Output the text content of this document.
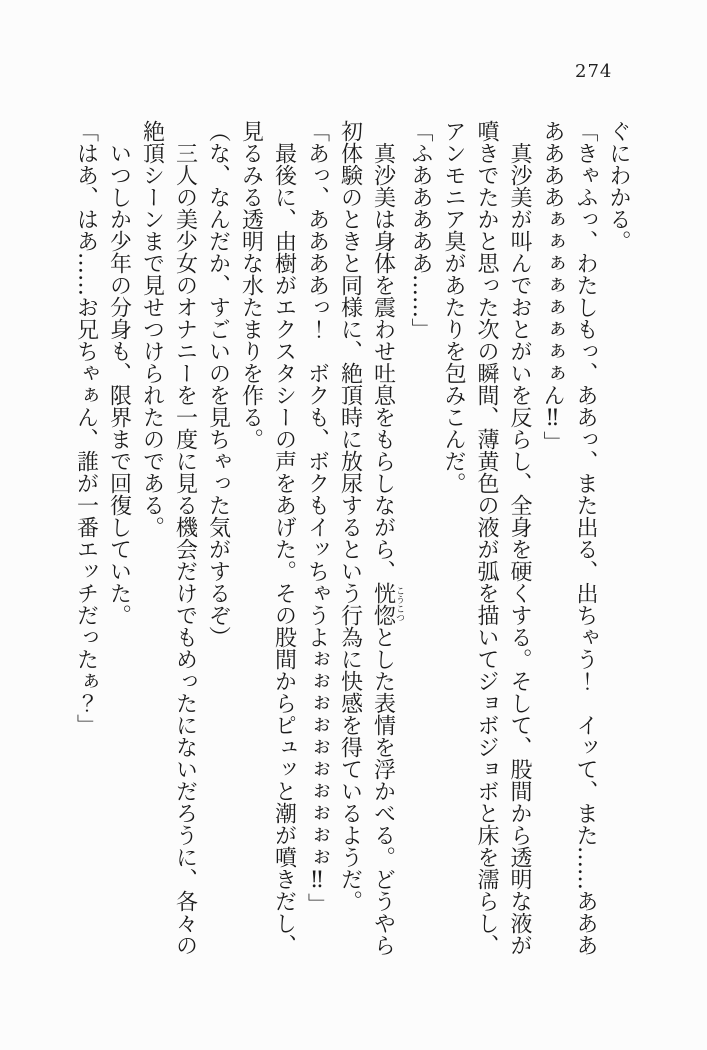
274

ぐにわかる。

「きゃふっ、わたしもっ、ああっ、また出る、出ちゃう！　イッて、また……あああああああぁぁぁぁぁぁぁぁん‼」

　真沙美が叫んでおとがいを反らし、全身を硬くする。そして、股間から透明な液が噴きでたかと思った次の瞬間、薄黄色の液が弧を描いてジョボジョボと床を濡らし、アンモニア臭があたりを包みこんだ。

「ふあああああ……」

　真沙美は身体を震わせ吐息をもらしながら、恍惚こうこつとした表情を浮かべる。どうやら初体験のときと同様に、絶頂時に放尿するという行為に快感を得ているようだ。

「あっ、ああああっ！　ボクも、ボクもイッちゃうよぉぉぉぉぉぉぉぉぉぉ‼」

　最後に、由樹がエクスタシーの声をあげた。その股間からピュッと潮が噴きだし、見るみる透明な水たまりを作る。

（な、なんだか、すごいのを見ちゃった気がするぞ）

　三人の美少女のオナニーを一度に見る機会だけでもめったにないだろうに、各々の絶頂シーンまで見せつけられたのである。

　いつしか少年の分身も、限界まで回復していた。

「はあ、はあ……お兄ちゃぁん、誰が一番エッチだったぁ？」
